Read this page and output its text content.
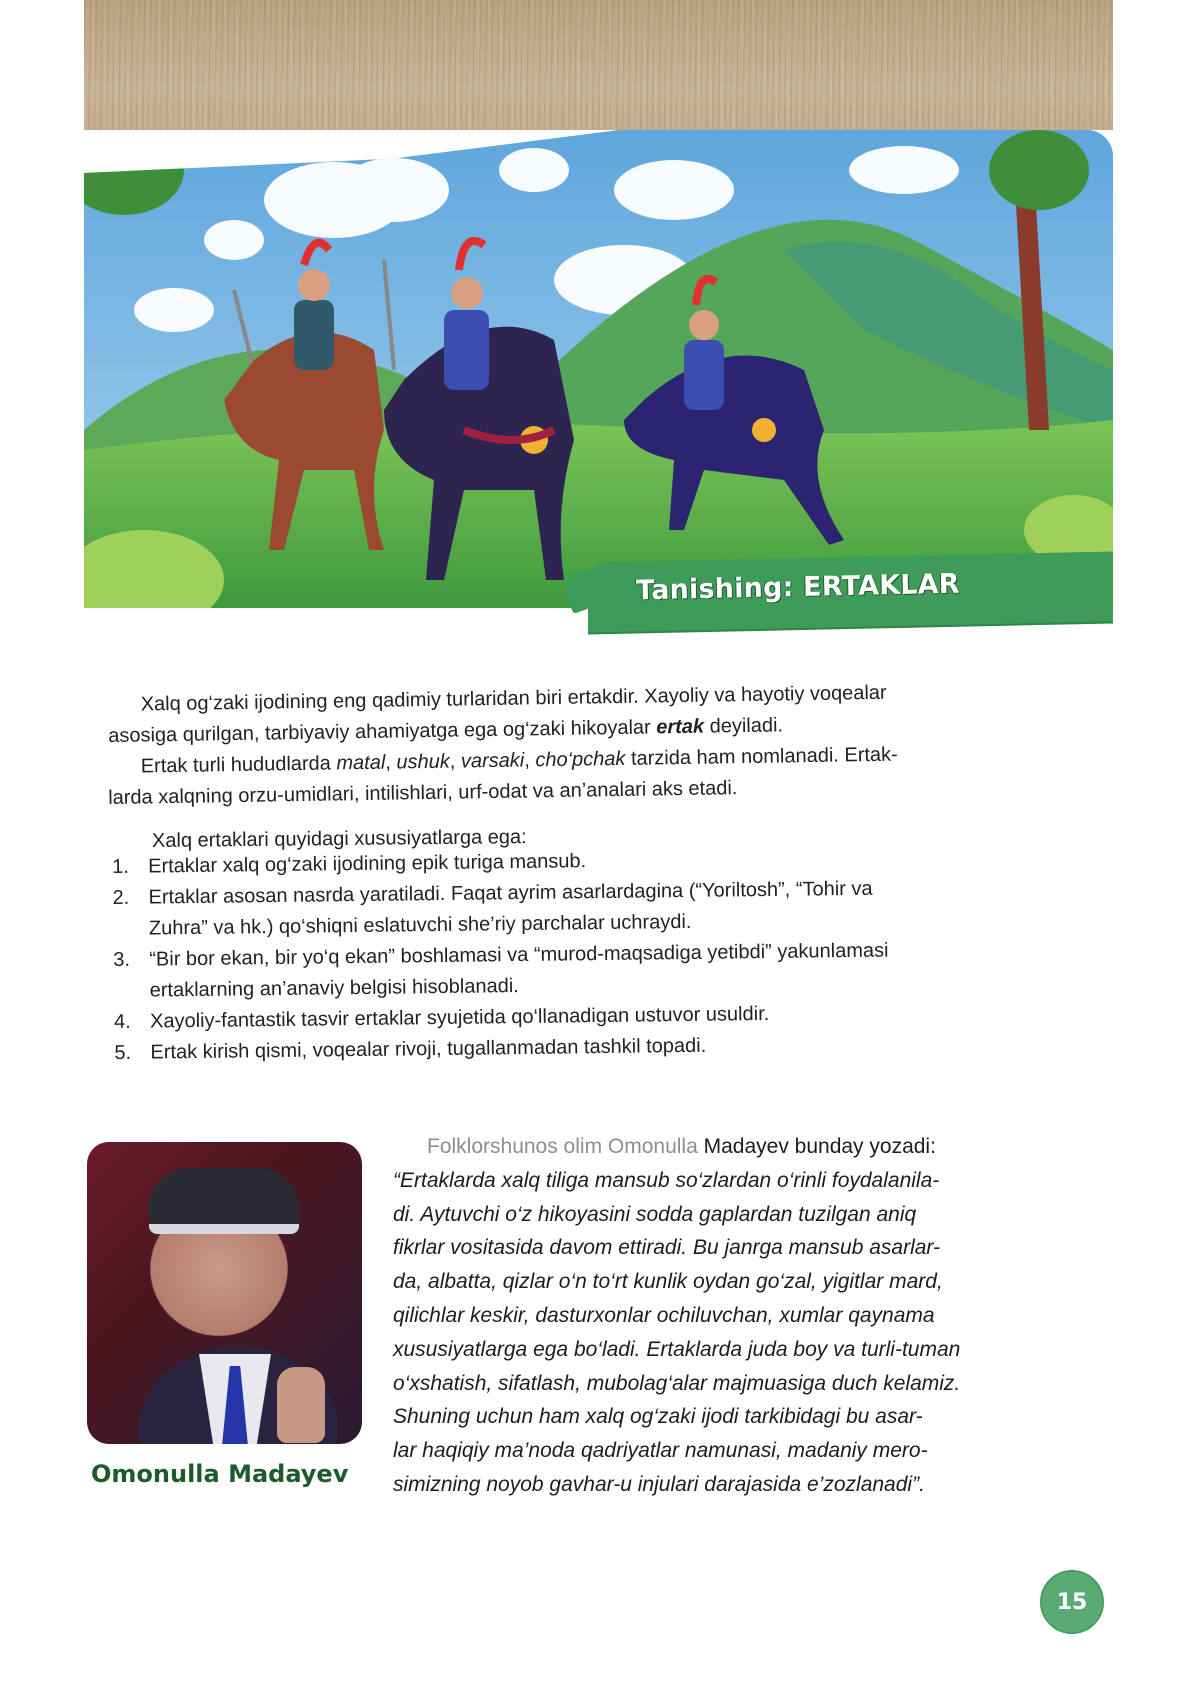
Tanishing: ERTAKLAR
Xalq og‘zaki ijodining eng qadimiy turlaridan biri ertakdir. Xayoliy va hayotiy voqealar
asosiga qurilgan, tarbiyaviy ahamiyatga ega og‘zaki hikoyalar ertak deyiladi.
Ertak turli hududlarda matal, ushuk, varsaki, cho‘pchak tarzida ham nomlanadi. Ertak-
larda xalqning orzu-umidlari, intilishlari, urf-odat va an’analari aks etadi.
Xalq ertaklari quyidagi xususiyatlarga ega:
1. Ertaklar xalq og‘zaki ijodining epik turiga mansub.
2. Ertaklar asosan nasrda yaratiladi. Faqat ayrim asarlardagina (“Yoriltosh”, “Tohir va
Zuhra” va hk.) qo‘shiqni eslatuvchi she’riy parchalar uchraydi.
3. “Bir bor ekan, bir yo‘q ekan” boshlamasi va “murod-maqsadiga yetibdi” yakunlamasi
ertaklarning an’anaviy belgisi hisoblanadi.
4. Xayoliy-fantastik tasvir ertaklar syujetida qo‘llanadigan ustuvor usuldir.
5. Ertak kirish qismi, voqealar rivoji, tugallanmadan tashkil topadi.
Omonulla Madayev
Folklorshunos olim Omonulla Madayev bunday yozadi:
“Ertaklarda xalq tiliga mansub so‘zlardan o‘rinli foydalanila-
di. Aytuvchi o‘z hikoyasini sodda gaplardan tuzilgan aniq
fikrlar vositasida davom ettiradi. Bu janrga mansub asarlar-
da, albatta, qizlar o‘n to‘rt kunlik oydan go‘zal, yigitlar mard,
qilichlar keskir, dasturxonlar ochiluvchan, xumlar qaynama
xususiyatlarga ega bo‘ladi. Ertaklarda juda boy va turli-tuman
o‘xshatish, sifatlash, mubolag‘alar majmuasiga duch kelamiz.
Shuning uchun ham xalq og‘zaki ijodi tarkibidagi bu asar-
lar haqiqiy ma’noda qadriyatlar namunasi, madaniy mero-
simizning noyob gavhar-u injulari darajasida e’zozlanadi”.
15
